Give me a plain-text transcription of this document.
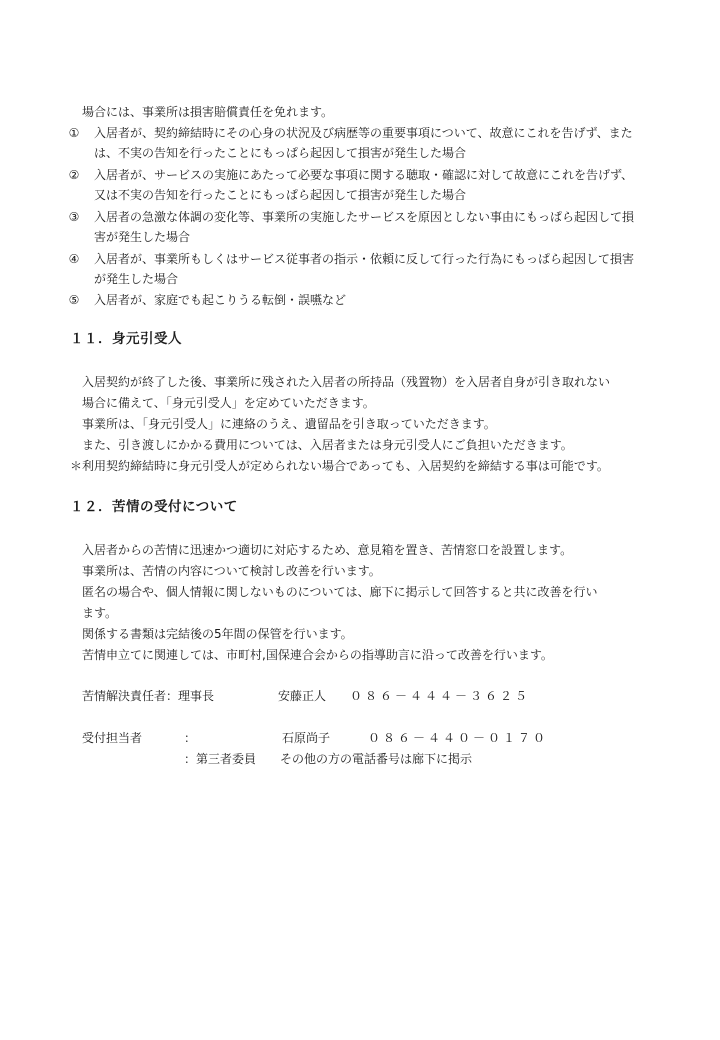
場合には、事業所は損害賠償責任を免れます。
① 入居者が、契約締結時にその心身の状況及び病歴等の重要事項について、故意にこれを告げず、また
は、不実の告知を行ったことにもっぱら起因して損害が発生した場合
② 入居者が、サービスの実施にあたって必要な事項に関する聴取・確認に対して故意にこれを告げず、
又は不実の告知を行ったことにもっぱら起因して損害が発生した場合
③ 入居者の急激な体調の変化等、事業所の実施したサービスを原因としない事由にもっぱら起因して損
害が発生した場合
④ 入居者が、事業所もしくはサービス従事者の指示・依頼に反して行った行為にもっぱら起因して損害
が発生した場合
⑤ 入居者が、家庭でも起こりうる転倒・誤嚥など
１１．身元引受人
入居契約が終了した後、事業所に残された入居者の所持品（残置物）を入居者自身が引き取れない
場合に備えて、「身元引受人」を定めていただきます。
事業所は、「身元引受人」に連絡のうえ、遺留品を引き取っていただきます。
また、引き渡しにかかる費用については、入居者または身元引受人にご負担いただきます。
＊利用契約締結時に身元引受人が定められない場合であっても、入居契約を締結する事は可能です。
１２．苦情の受付について
入居者からの苦情に迅速かつ適切に対応するため、意見箱を置き、苦情窓口を設置します。
事業所は、苦情の内容について検討し改善を行います。
匿名の場合や、個人情報に関しないものについては、廊下に掲示して回答すると共に改善を行い
ます。
関係する書類は完結後の5年間の保管を行います。
苦情申立てに関連しては、市町村,国保連合会からの指導助言に沿って改善を行います。
苦情解決責任者：理事長	安藤正人 ０８６－４４４－３６２５
受付担当者	：	石原尚子	０８６－４４０－０１７０
：第三者委員 その他の方の電話番号は廊下に掲示
